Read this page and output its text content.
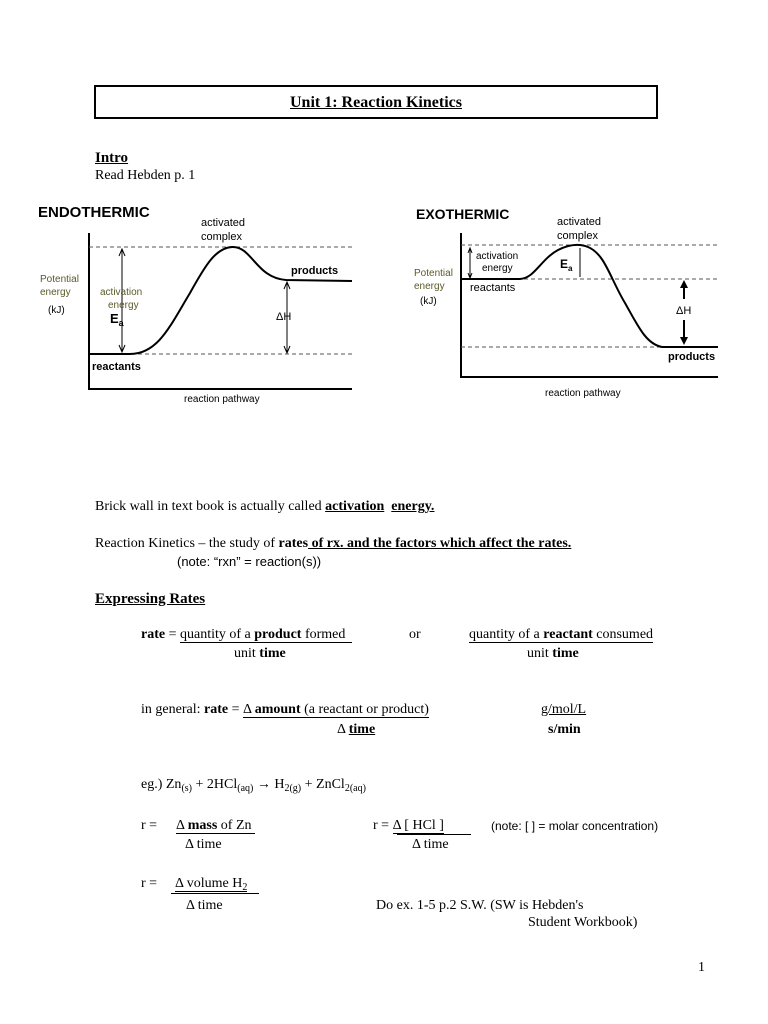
Unit 1: Reaction Kinetics
Intro
Read Hebden p. 1
ENDOTHERMIC
activated
complex
Potential
energy
(kJ)
activation
energy
$E_a$
products
ΔH
reactants
reaction pathway
EXOTHERMIC	activated
complex
Potential
energy
(kJ)
activation
energy	$E_a$
reactants
ΔH
products
reaction pathway
Brick wall in text book is actually called activation energy.
Reaction Kinetics – the study of rates of rx. and the factors which affect the rates.
(note: “rxn” = reaction(s))
Expressing Rates
rate = quantity of a product formed
unit time
or	quantity of a reactant consumed
unit time
in general: rate = Δ amount (a reactant or product)
Δ time
g/mol/L
s/min
eg.) $Zn_{(s)} + 2HCl_{(aq)} \to H_{2(g)}$ + ZnCl$_{2(aq)}$
r = Δ mass of Zn
Δ time
r = Δ [ HCl ]
Δ time
(note: [ ] = molar concentration)
r = Δ volume $H_2$
Δ time	Do ex. 1-5 p.2 S.W. (SW is Hebden's
Student Workbook)
1
